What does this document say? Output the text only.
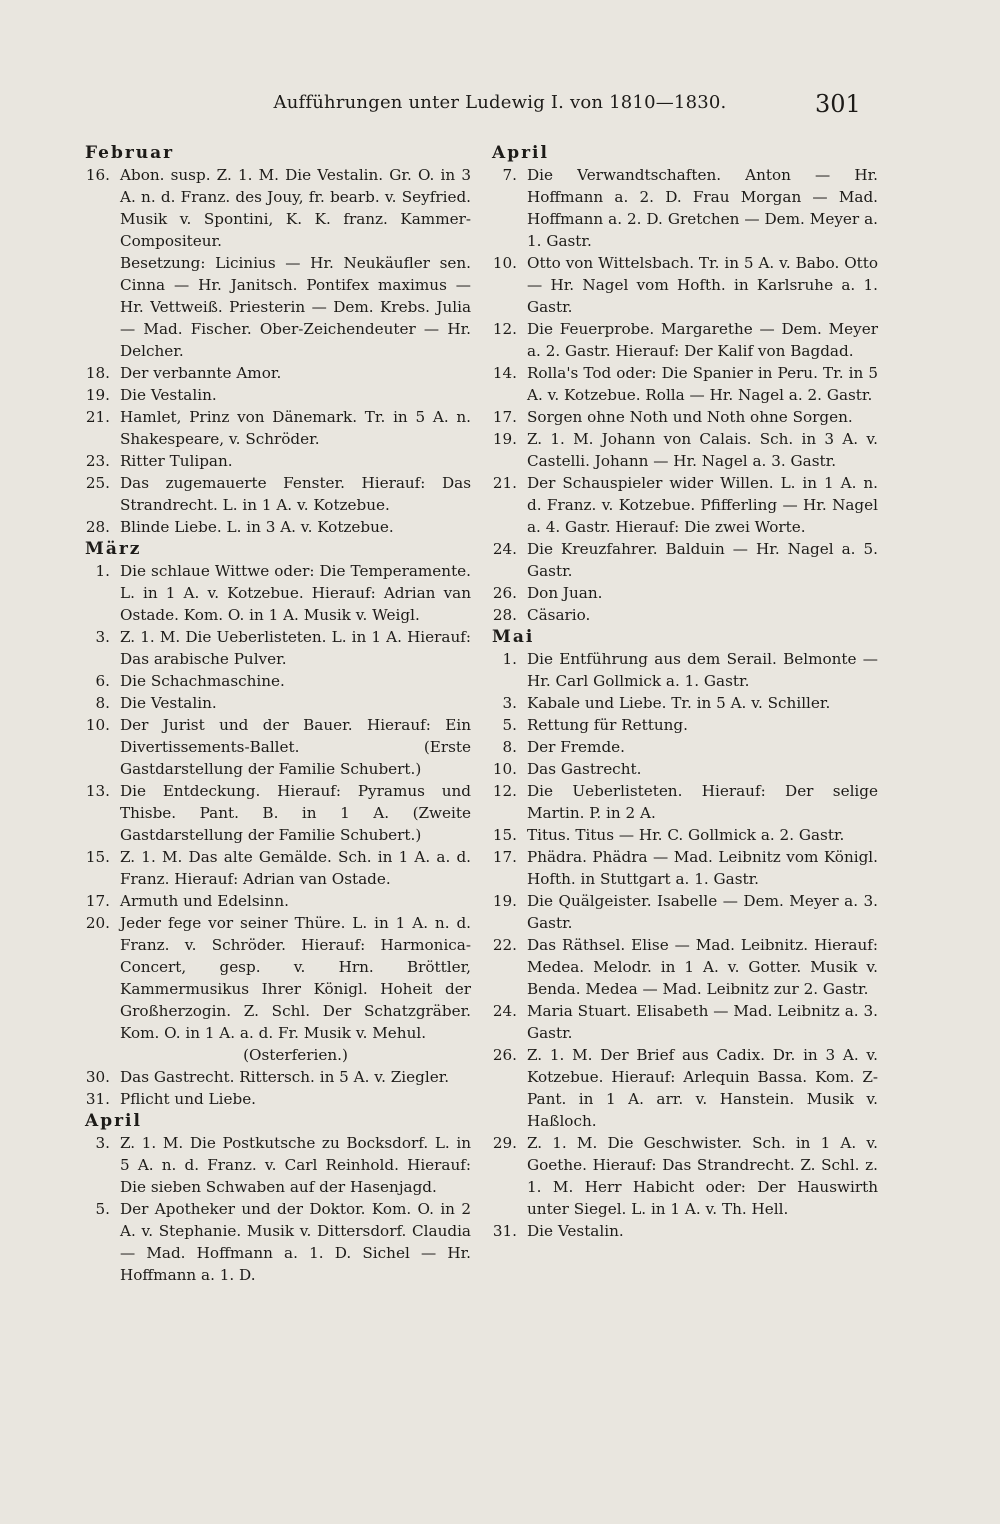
Aufführungen unter Ludewig I. von 1810—1830.	301
Februar
16. Abon. susp. Z. 1. M. Die Vestalin. Gr. O. in 3 A. n. d. Franz. des Jouy, fr. bearb. v. Seyfried. Musik v. Spontini, K. K. franz. Kammer-Compositeur.
Besetzung: Licinius — Hr. Neukäufler sen. Cinna — Hr. Janitsch. Pontifex maximus — Hr. Vettweiß. Priesterin — Dem. Krebs. Julia — Mad. Fischer. Ober-Zeichendeuter — Hr. Delcher.
18. Der verbannte Amor.
19. Die Vestalin.
21. Hamlet, Prinz von Dänemark. Tr. in 5 A. n. Shakespeare, v. Schröder.
23. Ritter Tulipan.
25. Das zugemauerte Fenster. Hierauf: Das Strandrecht. L. in 1 A. v. Kotzebue.
28. Blinde Liebe. L. in 3 A. v. Kotzebue.
März
1. Die schlaue Wittwe oder: Die Temperamente. L. in 1 A. v. Kotzebue. Hierauf: Adrian van Ostade. Kom. O. in 1 A. Musik v. Weigl.
3. Z. 1. M. Die Ueberlisteten. L. in 1 A. Hierauf: Das arabische Pulver.
6. Die Schachmaschine.
8. Die Vestalin.
10. Der Jurist und der Bauer. Hierauf: Ein Divertissements-Ballet. (Erste Gastdarstellung der Familie Schubert.)
13. Die Entdeckung. Hierauf: Pyramus und Thisbe. Pant. B. in 1 A. (Zweite Gastdarstellung der Familie Schubert.)
15. Z. 1. M. Das alte Gemälde. Sch. in 1 A. a. d. Franz. Hierauf: Adrian van Ostade.
17. Armuth und Edelsinn.
20. Jeder fege vor seiner Thüre. L. in 1 A. n. d. Franz. v. Schröder. Hierauf: Harmonica-Concert, gesp. v. Hrn. Bröttler, Kammermusikus Ihrer Königl. Hoheit der Großherzogin. Z. Schl. Der Schatzgräber. Kom. O. in 1 A. a. d. Fr. Musik v. Mehul.
(Osterferien.)
30. Das Gastrecht. Rittersch. in 5 A. v. Ziegler.
31. Pflicht und Liebe.
April
3. Z. 1. M. Die Postkutsche zu Bocksdorf. L. in 5 A. n. d. Franz. v. Carl Reinhold. Hierauf: Die sieben Schwaben auf der Hasenjagd.
5. Der Apotheker und der Doktor. Kom. O. in 2 A. v. Stephanie. Musik v. Dittersdorf. Claudia — Mad. Hoffmann a. 1. D. Sichel — Hr. Hoffmann a. 1. D.
April
7. Die Verwandtschaften. Anton — Hr. Hoffmann a. 2. D. Frau Morgan — Mad. Hoffmann a. 2. D. Gretchen — Dem. Meyer a. 1. Gastr.
10. Otto von Wittelsbach. Tr. in 5 A. v. Babo. Otto — Hr. Nagel vom Hofth. in Karlsruhe a. 1. Gastr.
12. Die Feuerprobe. Margarethe — Dem. Meyer a. 2. Gastr. Hierauf: Der Kalif von Bagdad.
14. Rolla's Tod oder: Die Spanier in Peru. Tr. in 5 A. v. Kotzebue. Rolla — Hr. Nagel a. 2. Gastr.
17. Sorgen ohne Noth und Noth ohne Sorgen.
19. Z. 1. M. Johann von Calais. Sch. in 3 A. v. Castelli. Johann — Hr. Nagel a. 3. Gastr.
21. Der Schauspieler wider Willen. L. in 1 A. n. d. Franz. v. Kotzebue. Pfifferling — Hr. Nagel a. 4. Gastr. Hierauf: Die zwei Worte.
24. Die Kreuzfahrer. Balduin — Hr. Nagel a. 5. Gastr.
26. Don Juan.
28. Cäsario.
Mai
1. Die Entführung aus dem Serail. Belmonte — Hr. Carl Gollmick a. 1. Gastr.
3. Kabale und Liebe. Tr. in 5 A. v. Schiller.
5. Rettung für Rettung.
8. Der Fremde.
10. Das Gastrecht.
12. Die Ueberlisteten. Hierauf: Der selige Martin. P. in 2 A.
15. Titus. Titus — Hr. C. Gollmick a. 2. Gastr.
17. Phädra. Phädra — Mad. Leibnitz vom Königl. Hofth. in Stuttgart a. 1. Gastr.
19. Die Quälgeister. Isabelle — Dem. Meyer a. 3. Gastr.
22. Das Räthsel. Elise — Mad. Leibnitz. Hierauf: Medea. Melodr. in 1 A. v. Gotter. Musik v. Benda. Medea — Mad. Leibnitz zur 2. Gastr.
24. Maria Stuart. Elisabeth — Mad. Leibnitz a. 3. Gastr.
26. Z. 1. M. Der Brief aus Cadix. Dr. in 3 A. v. Kotzebue. Hierauf: Arlequin Bassa. Kom. Z-Pant. in 1 A. arr. v. Hanstein. Musik v. Haßloch.
29. Z. 1. M. Die Geschwister. Sch. in 1 A. v. Goethe. Hierauf: Das Strandrecht. Z. Schl. z. 1. M. Herr Habicht oder: Der Hauswirth unter Siegel. L. in 1 A. v. Th. Hell.
31. Die Vestalin.
